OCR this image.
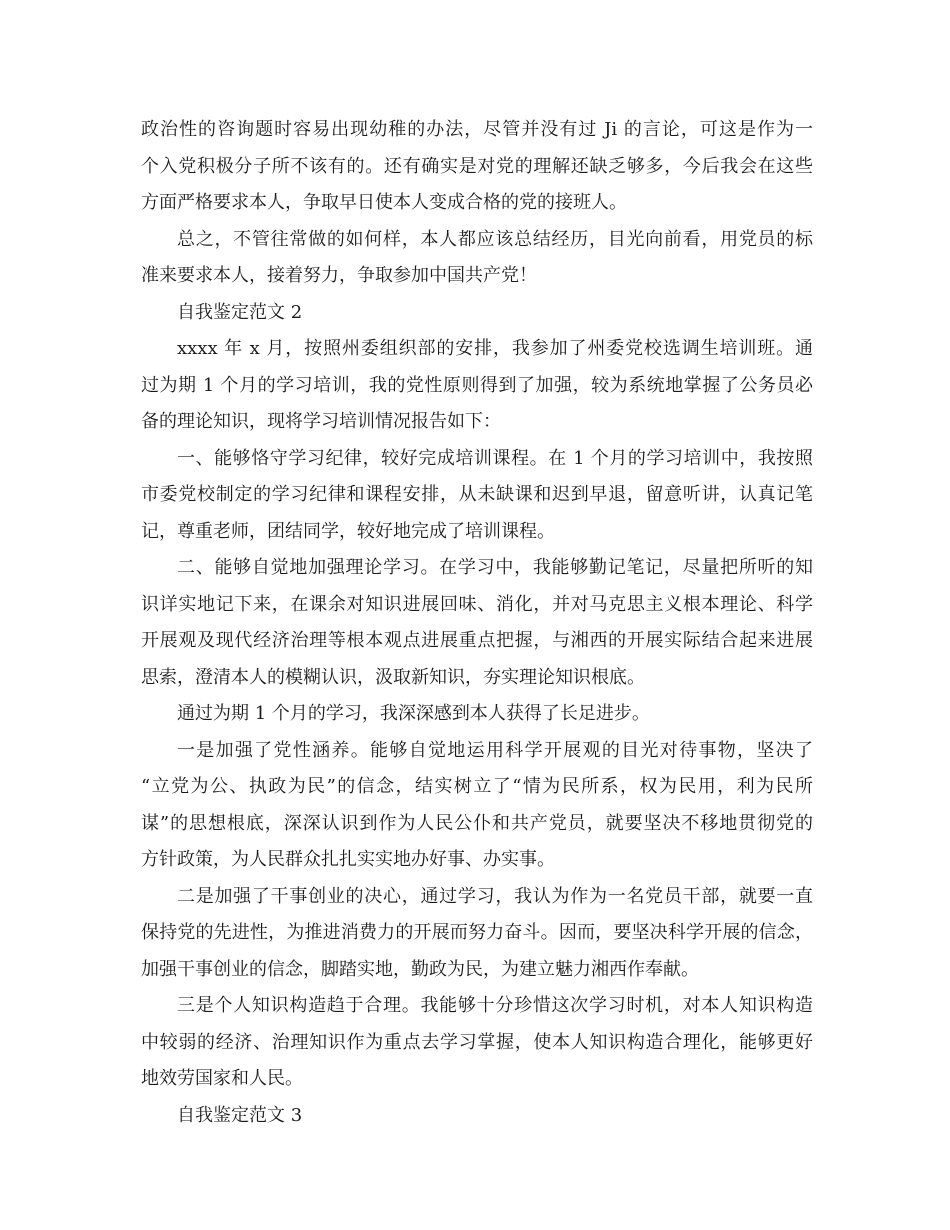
政治性的咨询题时容易出现幼稚的办法，尽管并没有过 Ji 的言论，可这是作为一
个入党积极分子所不该有的。还有确实是对党的理解还缺乏够多，今后我会在这些
方面严格要求本人，争取早日使本人变成合格的党的接班人。
总之，不管往常做的如何样，本人都应该总结经历，目光向前看，用党员的标
准来要求本人，接着努力，争取参加中国共产党！
自我鉴定范文 2
xxxx 年 x 月，按照州委组织部的安排，我参加了州委党校选调生培训班。通
过为期 1 个月的学习培训，我的党性原则得到了加强，较为系统地掌握了公务员必
备的理论知识，现将学习培训情况报告如下：
一、能够恪守学习纪律，较好完成培训课程。在 1 个月的学习培训中，我按照
市委党校制定的学习纪律和课程安排，从未缺课和迟到早退，留意听讲，认真记笔
记，尊重老师，团结同学，较好地完成了培训课程。
二、能够自觉地加强理论学习。在学习中，我能够勤记笔记，尽量把所听的知
识详实地记下来，在课余对知识进展回味、消化，并对马克思主义根本理论、科学
开展观及现代经济治理等根本观点进展重点把握，与湘西的开展实际结合起来进展
思索，澄清本人的模糊认识，汲取新知识，夯实理论知识根底。
通过为期 1 个月的学习，我深深感到本人获得了长足进步。
一是加强了党性涵养。能够自觉地运用科学开展观的目光对待事物，坚决了
“立党为公、执政为民”的信念，结实树立了“情为民所系，权为民用，利为民所
谋”的思想根底，深深认识到作为人民公仆和共产党员，就要坚决不移地贯彻党的
方针政策，为人民群众扎扎实实地办好事、办实事。
二是加强了干事创业的决心，通过学习，我认为作为一名党员干部，就要一直
保持党的先进性，为推进消费力的开展而努力奋斗。因而，要坚决科学开展的信念，
加强干事创业的信念，脚踏实地，勤政为民，为建立魅力湘西作奉献。
三是个人知识构造趋于合理。我能够十分珍惜这次学习时机，对本人知识构造
中较弱的经济、治理知识作为重点去学习掌握，使本人知识构造合理化，能够更好
地效劳国家和人民。
自我鉴定范文 3
